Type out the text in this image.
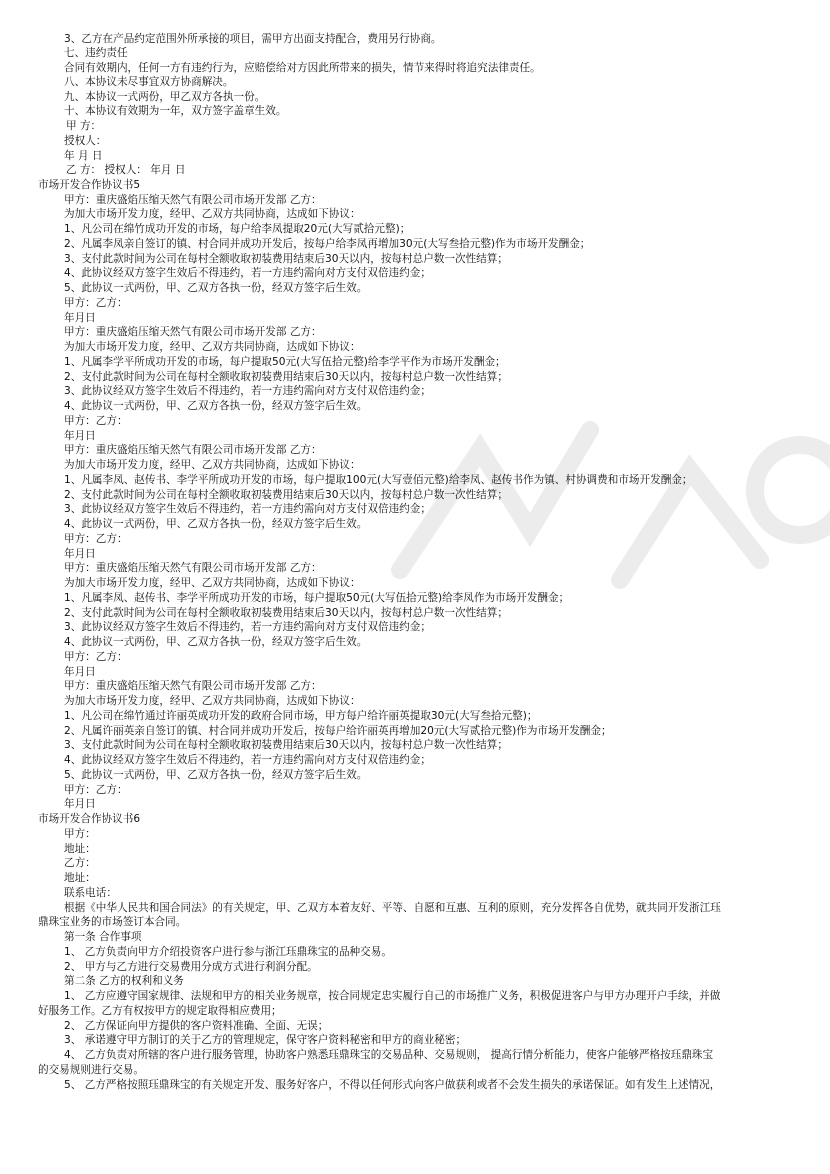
3、乙方在产品约定范围外所承接的项目，需甲方出面支持配合，费用另行协商。
七、违约责任
合同有效期内，任何一方有违约行为，应赔偿给对方因此所带来的损失，情节来得时将追究法律责任。
八、本协议未尽事宜双方协商解决。
九、本协议一式两份，甲乙双方各执一份。
十、本协议有效期为一年，双方签字盖章生效。
甲 方：
授权人：
年 月 日
乙 方： 授权人： 年月 日
市场开发合作协议书5
甲方：重庆盛焰压缩天然气有限公司市场开发部 乙方：
为加大市场开发力度，经甲、乙双方共同协商，达成如下协议：
1、凡公司在绵竹成功开发的市场，每户给李凤提取20元(大写贰拾元整)；
2、凡属李凤亲自签订的镇、村合同并成功开发后，按每户给李凤再增加30元(大写叁拾元整)作为市场开发酬金；
3、支付此款时间为公司在每村全额收取初装费用结束后30天以内，按每村总户数一次性结算；
4、此协议经双方签字生效后不得违约，若一方违约需向对方支付双倍违约金；
5、此协议一式两份，甲、乙双方各执一份，经双方签字后生效。
甲方：乙方：
年月日
甲方：重庆盛焰压缩天然气有限公司市场开发部 乙方：
为加大市场开发力度，经甲、乙双方共同协商，达成如下协议：
1、凡属李学平所成功开发的市场，每户提取50元(大写伍拾元整)给李学平作为市场开发酬金；
2、支付此款时间为公司在每村全额收取初装费用结束后30天以内，按每村总户数一次性结算；
3、此协议经双方签字生效后不得违约，若一方违约需向对方支付双倍违约金；
4、此协议一式两份，甲、乙双方各执一份，经双方签字后生效。
甲方：乙方：
年月日
甲方：重庆盛焰压缩天然气有限公司市场开发部 乙方：
为加大市场开发力度，经甲、乙双方共同协商，达成如下协议：
1、凡属李凤、赵传书、李学平所成功开发的市场，每户提取100元(大写壹佰元整)给李凤、赵传书作为镇、村协调费和市场开发酬金；
2、支付此款时间为公司在每村全额收取初装费用结束后30天以内，按每村总户数一次性结算；
3、此协议经双方签字生效后不得违约，若一方违约需向对方支付双倍违约金；
4、此协议一式两份，甲、乙双方各执一份，经双方签字后生效。
甲方：乙方：
年月日
甲方：重庆盛焰压缩天然气有限公司市场开发部 乙方：
为加大市场开发力度，经甲、乙双方共同协商，达成如下协议：
1、凡属李凤、赵传书、李学平所成功开发的市场，每户提取50元(大写伍拾元整)给李凤作为市场开发酬金；
2、支付此款时间为公司在每村全额收取初装费用结束后30天以内，按每村总户数一次性结算；
3、此协议经双方签字生效后不得违约，若一方违约需向对方支付双倍违约金；
4、此协议一式两份，甲、乙双方各执一份，经双方签字后生效。
甲方：乙方：
年月日
甲方：重庆盛焰压缩天然气有限公司市场开发部 乙方：
为加大市场开发力度，经甲、乙双方共同协商，达成如下协议：
1、凡公司在绵竹通过许丽英成功开发的政府合同市场，甲方每户给许丽英提取30元(大写叁拾元整)；
2、凡属许丽英亲自签订的镇、村合同并成功开发后，按每户给许丽英再增加20元(大写贰拾元整)作为市场开发酬金；
3、支付此款时间为公司在每村全额收取初装费用结束后30天以内，按每村总户数一次性结算；
4、此协议经双方签字生效后不得违约，若一方违约需向对方支付双倍违约金；
5、此协议一式两份，甲、乙双方各执一份，经双方签字后生效。
甲方：乙方：
年月日
市场开发合作协议书6
甲方：
地址：
乙方：
地址：
联系电话：
根据《中华人民共和国合同法》的有关规定，甲、乙双方本着友好、平等、自愿和互惠、互利的原则，充分发挥各自优势，就共同开发浙江珏
鼎珠宝业务的市场签订本合同。
第一条 合作事项
1、 乙方负责向甲方介绍投资客户进行参与浙江珏鼎珠宝的品种交易。
2、 甲方与乙方进行交易费用分成方式进行利润分配。
第二条 乙方的权利和义务
1、 乙方应遵守国家规律、法规和甲方的相关业务规章，按合同规定忠实履行自己的市场推广义务，积极促进客户与甲方办理开户手续，并做
好服务工作。乙方有权按甲方的规定取得相应费用；
2、 乙方保证向甲方提供的客户资料准确、全面、无误；
3、 承诺遵守甲方制订的关于乙方的管理规定，保守客户资料秘密和甲方的商业秘密；
4、 乙方负责对所辖的客户进行服务管理，协助客户熟悉珏鼎珠宝的交易品种、交易规则， 提高行情分析能力，使客户能够严格按珏鼎珠宝
的交易规则进行交易。
5、 乙方严格按照珏鼎珠宝的有关规定开发、服务好客户，不得以任何形式向客户做获利或者不会发生损失的承诺保证。如有发生上述情况，
